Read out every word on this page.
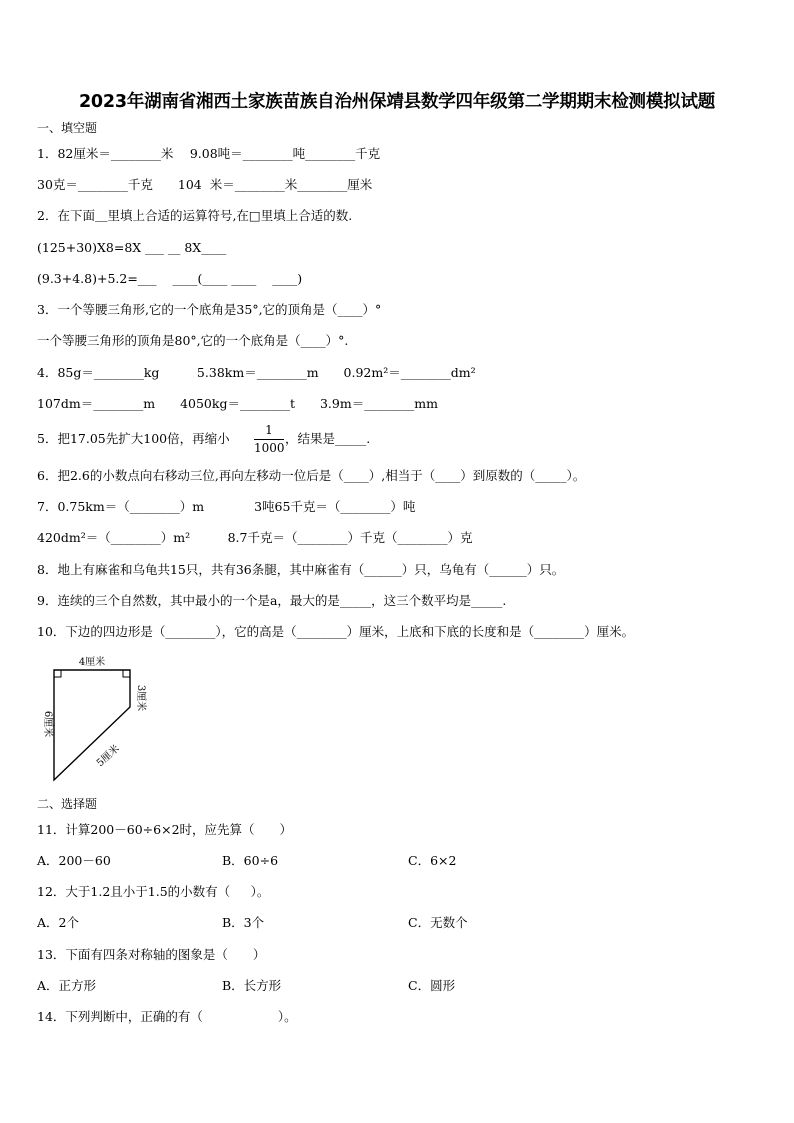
2023年湖南省湘西土家族苗族自治州保靖县数学四年级第二学期期末检测模拟试题
一、填空题
1．82厘米＝________米　 9.08吨＝________吨________千克
30克＝________千克　　104  米＝________米________厘米
2．在下面＿里填上合适的运算符号,在□里填上合适的数.
(125+30)X8=8X ___ __ 8X____
(9.3+4.8)+5.2=___    ____(____ ____    ____)
3．一个等腰三角形,它的一个底角是35°,它的顶角是（____）°
一个等腰三角形的顶角是80°,它的一个底角是（____）°.
4．85g＝________kg　　　5.38km＝________m　　0.92m²＝________dm²
107dm＝________m　　4050kg＝________t　　3.9m＝________mm
5．把17.05先扩大100倍，再缩小 $\frac{1}{1000}$ ，结果是_____.
6．把2.6的小数点向右移动三位,再向左移动一位后是（____）,相当于（____）到原数的（_____）。
7．0.75km＝（________）m　　　　3吨65千克＝（________）吨
420dm²＝（________）m²　　　8.7千克＝（________）千克（________）克
8．地上有麻雀和乌龟共15只，共有36条腿，其中麻雀有（______）只，乌龟有（______）只。
9．连续的三个自然数，其中最小的一个是a，最大的是_____，这三个数平均是_____.
10．下边的四边形是（________），它的高是（________）厘米，上底和下底的长度和是（________）厘米。
4厘米
6厘米
3厘米
5厘米
二、选择题
11．计算200－60÷6×2时，应先算（　　）
A．200－60	B．60÷6	C．6×2
12．大于1.2且小于1.5的小数有（　  ）。
A．2个	B．3个	C．无数个
13．下面有四条对称轴的图象是（　　）
A．正方形	B．长方形	C．圆形
14．下列判断中，正确的有（　　　　　　）。
